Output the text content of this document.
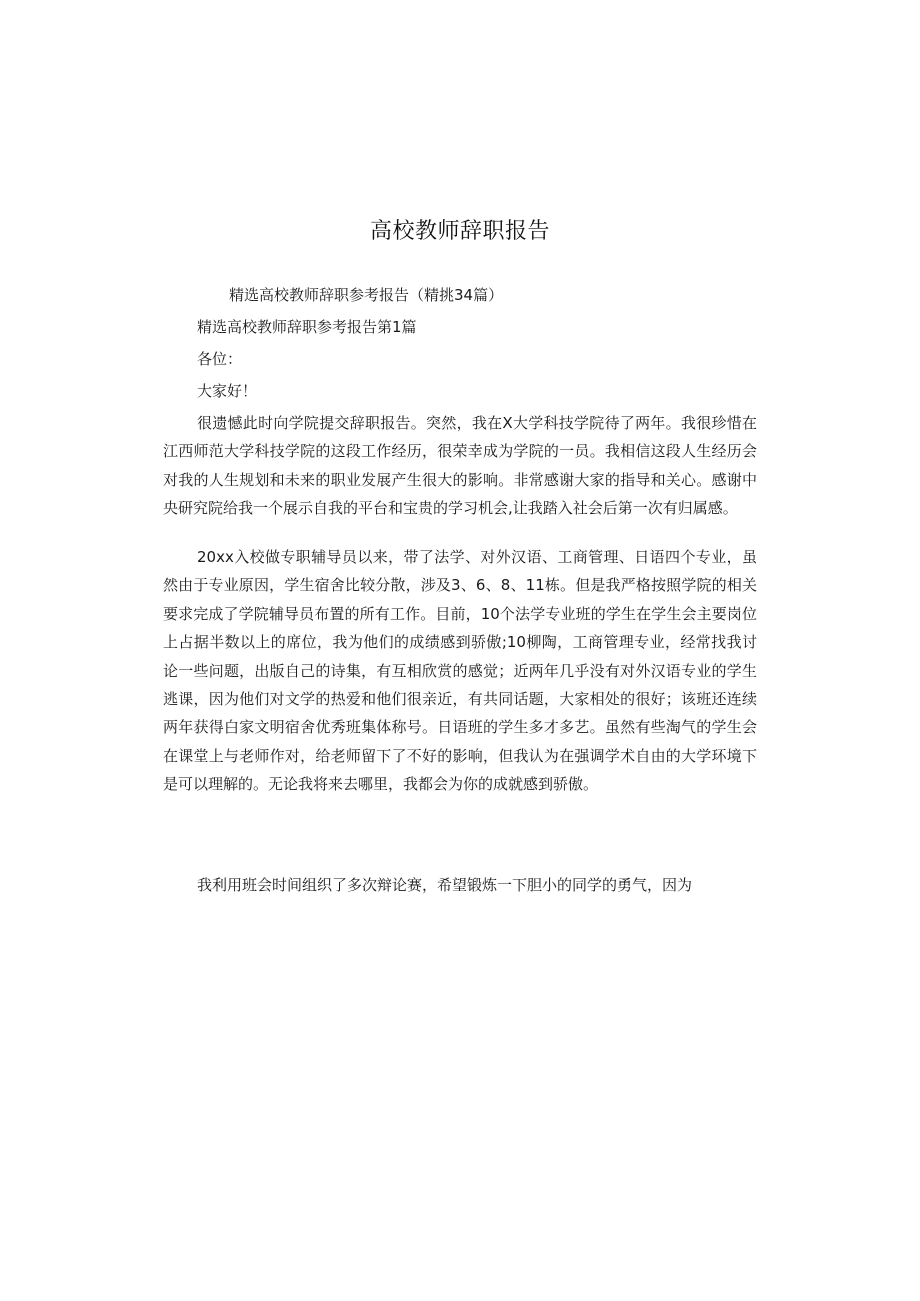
高校教师辞职报告
精选高校教师辞职参考报告（精挑34篇）
精选高校教师辞职参考报告第1篇
各位：
大家好！

很遗憾此时向学院提交辞职报告。突然，我在X大学科技学院待了两年。我很珍惜在江西师范大学科技学院的这段工作经历，很荣幸成为学院的一员。我相信这段人生经历会对我的人生规划和未来的职业发展产生很大的影响。非常感谢大家的指导和关心。感谢中央研究院给我一个展示自我的平台和宝贵的学习机会,让我踏入社会后第一次有归属感。

20xx入校做专职辅导员以来，带了法学、对外汉语、工商管理、日语四个专业，虽然由于专业原因，学生宿舍比较分散，涉及3、6、8、11栋。但是我严格按照学院的相关要求完成了学院辅导员布置的所有工作。目前，10个法学专业班的学生在学生会主要岗位上占据半数以上的席位，我为他们的成绩感到骄傲;10柳陶，工商管理专业，经常找我讨论一些问题，出版自己的诗集，有互相欣赏的感觉；近两年几乎没有对外汉语专业的学生逃课，因为他们对文学的热爱和他们很亲近，有共同话题，大家相处的很好；该班还连续两年获得白家文明宿舍优秀班集体称号。日语班的学生多才多艺。虽然有些淘气的学生会在课堂上与老师作对，给老师留下了不好的影响，但我认为在强调学术自由的大学环境下是可以理解的。无论我将来去哪里，我都会为你的成就感到骄傲。

我利用班会时间组织了多次辩论赛，希望锻炼一下胆小的同学的勇气，因为
